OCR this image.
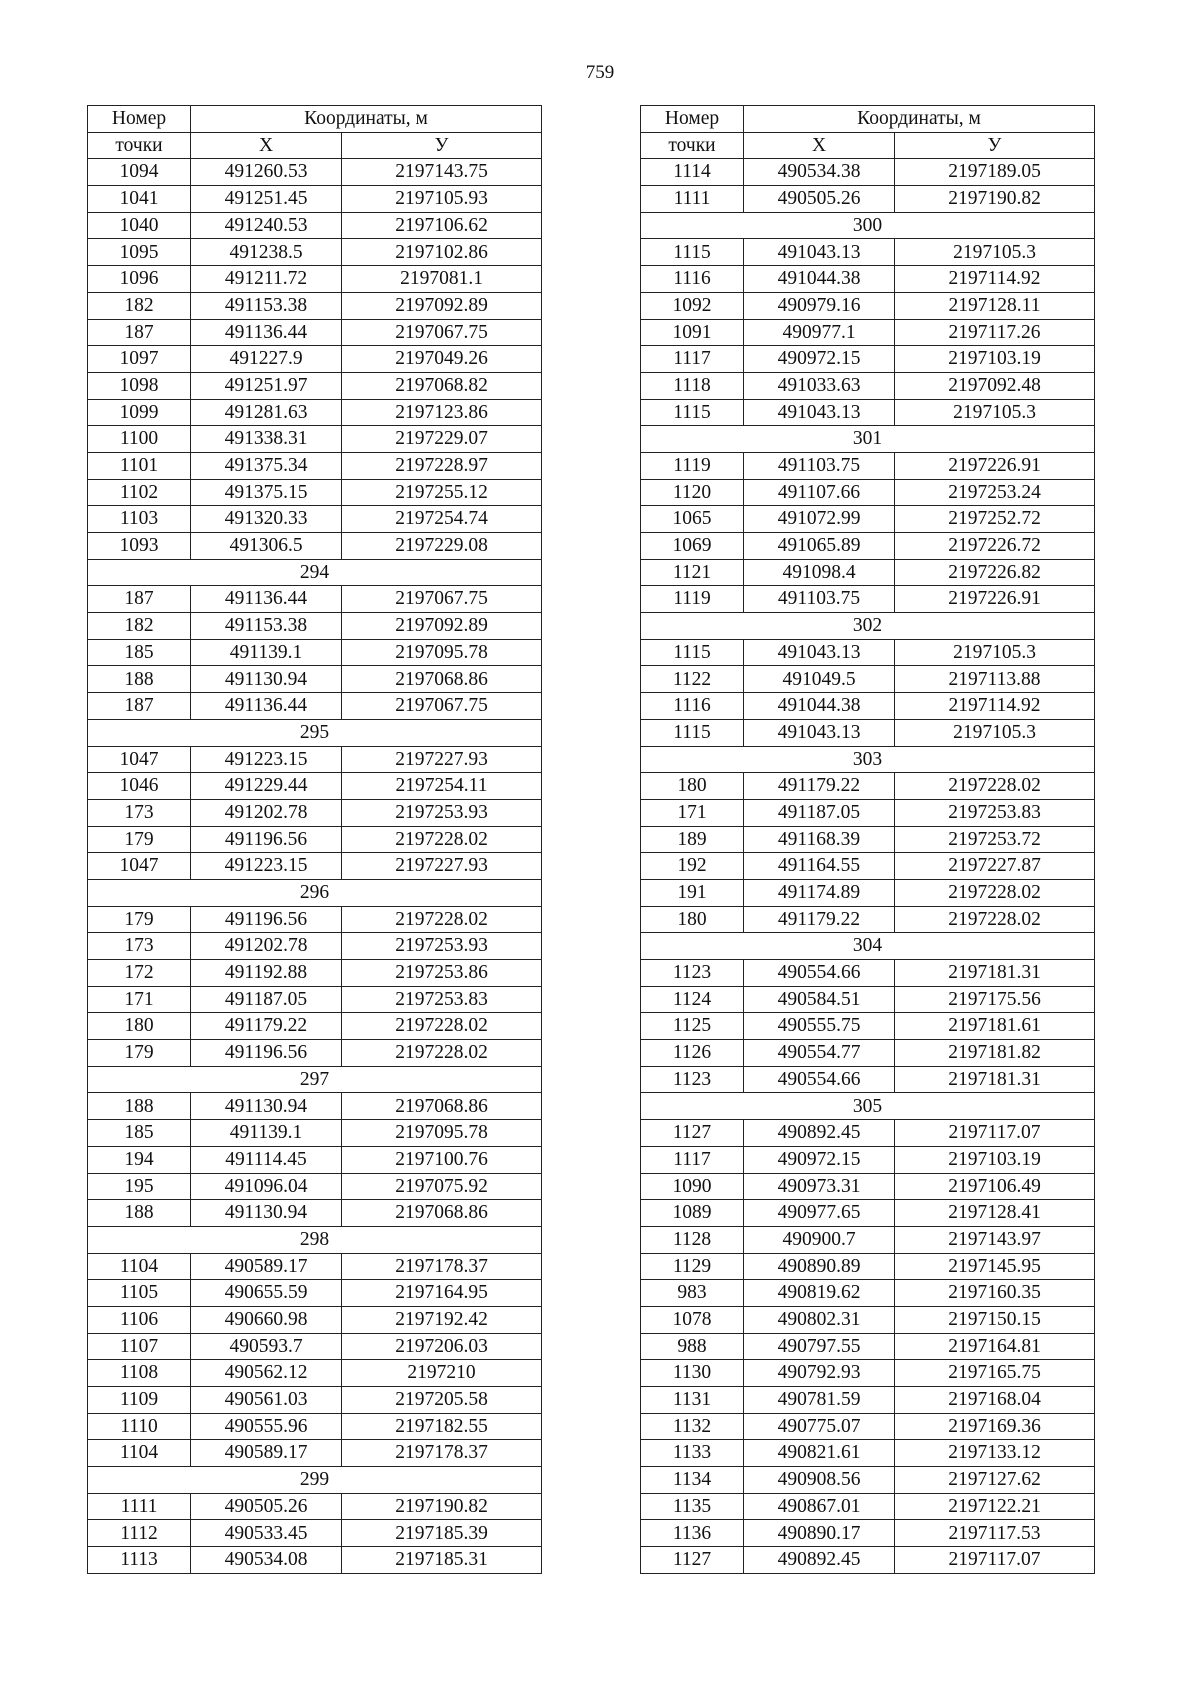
759
Номер	Координаты, м	
точки	Х	У
1094	491260.53	2197143.75
1041	491251.45	2197105.93
1040	491240.53	2197106.62
1095	491238.5	2197102.86
1096	491211.72	2197081.1
182	491153.38	2197092.89
187	491136.44	2197067.75
1097	491227.9	2197049.26
1098	491251.97	2197068.82
1099	491281.63	2197123.86
1100	491338.31	2197229.07
1101	491375.34	2197228.97
1102	491375.15	2197255.12
1103	491320.33	2197254.74
1093	491306.5	2197229.08
294		
187	491136.44	2197067.75
182	491153.38	2197092.89
185	491139.1	2197095.78
188	491130.94	2197068.86
187	491136.44	2197067.75
295		
1047	491223.15	2197227.93
1046	491229.44	2197254.11
173	491202.78	2197253.93
179	491196.56	2197228.02
1047	491223.15	2197227.93
296		
179	491196.56	2197228.02
173	491202.78	2197253.93
172	491192.88	2197253.86
171	491187.05	2197253.83
180	491179.22	2197228.02
179	491196.56	2197228.02
297		
188	491130.94	2197068.86
185	491139.1	2197095.78
194	491114.45	2197100.76
195	491096.04	2197075.92
188	491130.94	2197068.86
298		
1104	490589.17	2197178.37
1105	490655.59	2197164.95
1106	490660.98	2197192.42
1107	490593.7	2197206.03
1108	490562.12	2197210
1109	490561.03	2197205.58
1110	490555.96	2197182.55
1104	490589.17	2197178.37
299		
1111	490505.26	2197190.82
1112	490533.45	2197185.39
1113	490534.08	2197185.31
Номер	Координаты, м	
точки	Х	У
1114	490534.38	2197189.05
1111	490505.26	2197190.82
300		
1115	491043.13	2197105.3
1116	491044.38	2197114.92
1092	490979.16	2197128.11
1091	490977.1	2197117.26
1117	490972.15	2197103.19
1118	491033.63	2197092.48
1115	491043.13	2197105.3
301		
1119	491103.75	2197226.91
1120	491107.66	2197253.24
1065	491072.99	2197252.72
1069	491065.89	2197226.72
1121	491098.4	2197226.82
1119	491103.75	2197226.91
302		
1115	491043.13	2197105.3
1122	491049.5	2197113.88
1116	491044.38	2197114.92
1115	491043.13	2197105.3
303		
180	491179.22	2197228.02
171	491187.05	2197253.83
189	491168.39	2197253.72
192	491164.55	2197227.87
191	491174.89	2197228.02
180	491179.22	2197228.02
304		
1123	490554.66	2197181.31
1124	490584.51	2197175.56
1125	490555.75	2197181.61
1126	490554.77	2197181.82
1123	490554.66	2197181.31
305		
1127	490892.45	2197117.07
1117	490972.15	2197103.19
1090	490973.31	2197106.49
1089	490977.65	2197128.41
1128	490900.7	2197143.97
1129	490890.89	2197145.95
983	490819.62	2197160.35
1078	490802.31	2197150.15
988	490797.55	2197164.81
1130	490792.93	2197165.75
1131	490781.59	2197168.04
1132	490775.07	2197169.36
1133	490821.61	2197133.12
1134	490908.56	2197127.62
1135	490867.01	2197122.21
1136	490890.17	2197117.53
1127	490892.45	2197117.07
